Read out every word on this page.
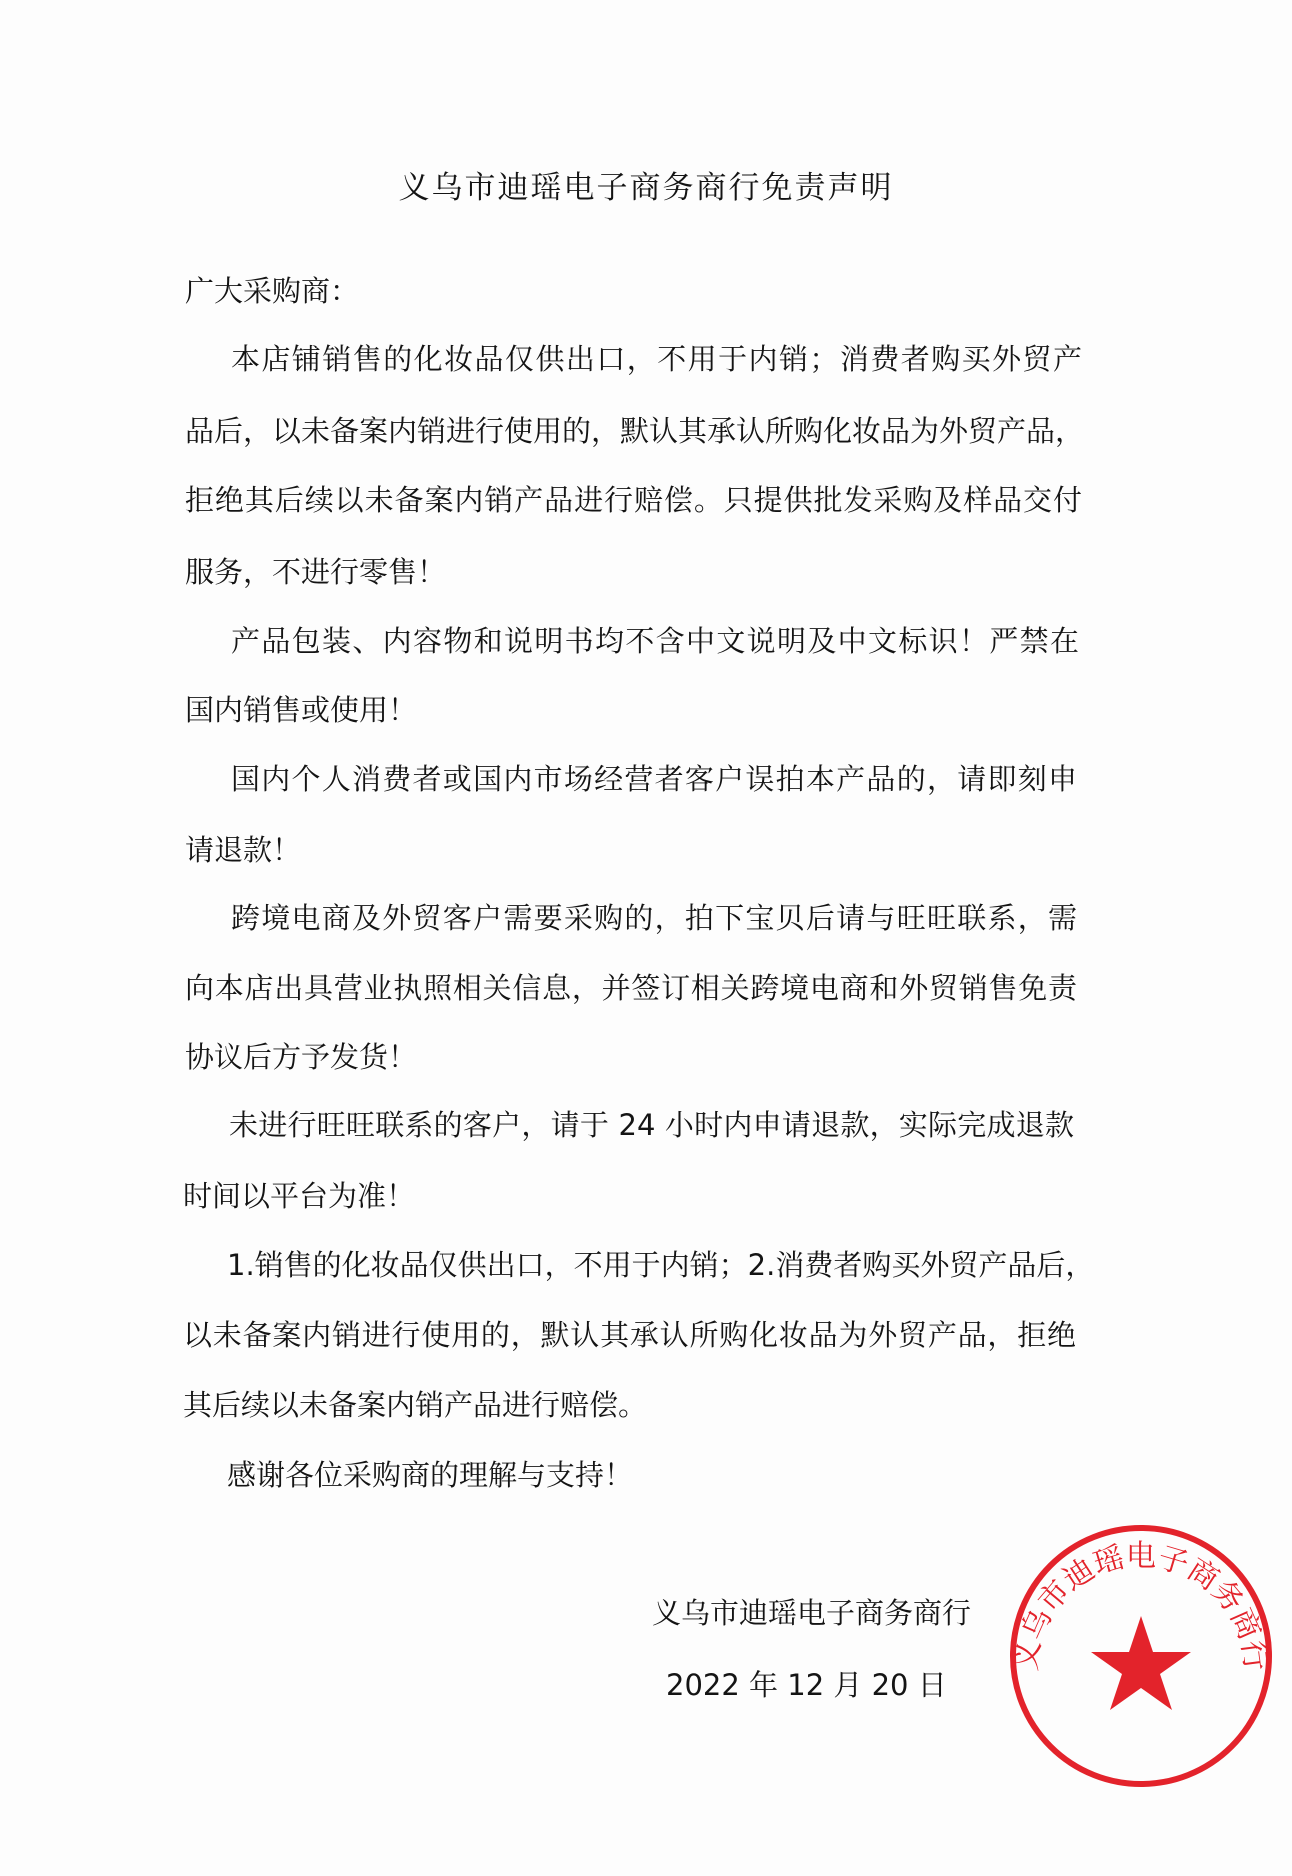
义乌市迪瑶电子商务商行免责声明
广大采购商：
本店铺销售的化妆品仅供出口，不用于内销；消费者购买外贸产
品后，以未备案内销进行使用的，默认其承认所购化妆品为外贸产品，
拒绝其后续以未备案内销产品进行赔偿。只提供批发采购及样品交付
服务，不进行零售！
产品包装、内容物和说明书均不含中文说明及中文标识！严禁在
国内销售或使用！
国内个人消费者或国内市场经营者客户误拍本产品的，请即刻申
请退款！
跨境电商及外贸客户需要采购的，拍下宝贝后请与旺旺联系，需
向本店出具营业执照相关信息，并签订相关跨境电商和外贸销售免责
协议后方予发货！
未进行旺旺联系的客户，请于 24 小时内申请退款，实际完成退款
时间以平台为准！
1.销售的化妆品仅供出口，不用于内销；2.消费者购买外贸产品后，
以未备案内销进行使用的，默认其承认所购化妆品为外贸产品，拒绝
其后续以未备案内销产品进行赔偿。
感谢各位采购商的理解与支持！
义乌市迪瑶电子商务商行
义乌市迪瑶电子商务商行
2022 年 12 月 20 日
